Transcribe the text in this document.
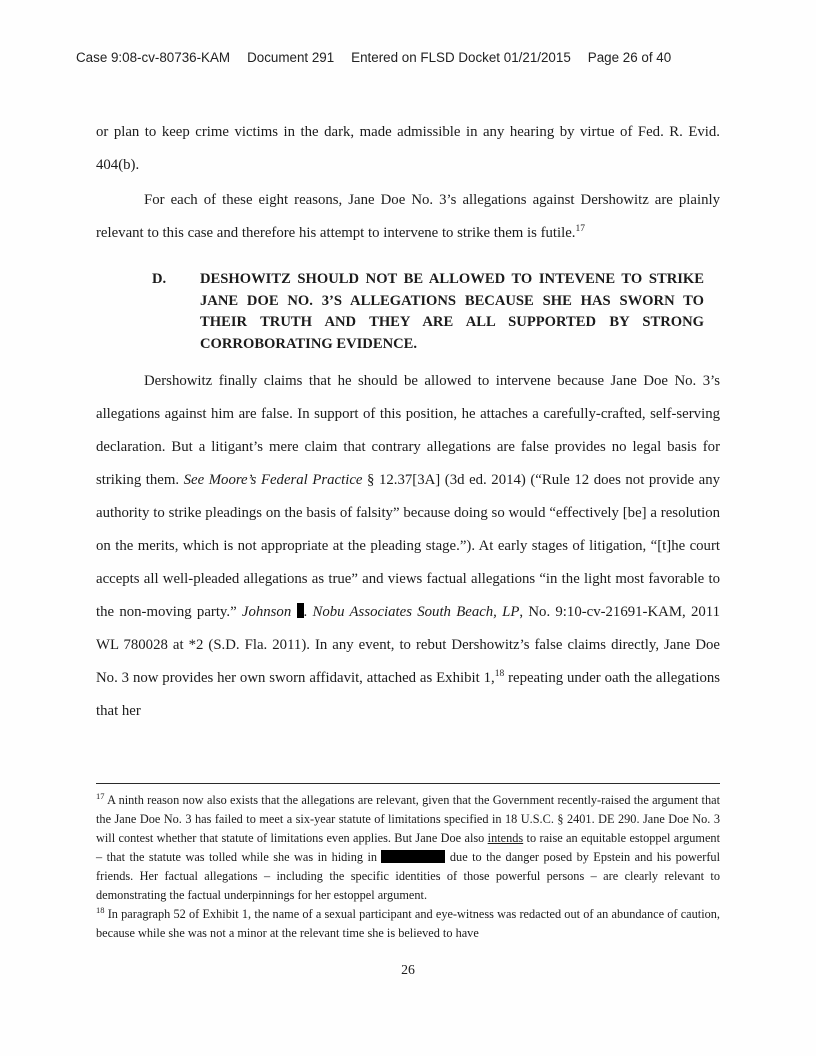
Case 9:08-cv-80736-KAM Document 291 Entered on FLSD Docket 01/21/2015 Page 26 of 40

or plan to keep crime victims in the dark, made admissible in any hearing by virtue of Fed. R. Evid. 404(b).

For each of these eight reasons, Jane Doe No. 3’s allegations against Dershowitz are plainly relevant to this case and therefore his attempt to intervene to strike them is futile.$^{17}$

D.	DESHOWITZ SHOULD NOT BE ALLOWED TO INTEVENE TO STRIKE JANE DOE NO. 3’S ALLEGATIONS BECAUSE SHE HAS SWORN TO THEIR TRUTH AND THEY ARE ALL SUPPORTED BY STRONG CORROBORATING EVIDENCE.

Dershowitz finally claims that he should be allowed to intervene because Jane Doe No. 3’s allegations against him are false. In support of this position, he attaches a carefully-crafted, self-serving declaration. But a litigant’s mere claim that contrary allegations are false provides no legal basis for striking them. See Moore’s Federal Practice § 12.37[3A] (3d ed. 2014) (“Rule 12 does not provide any authority to strike pleadings on the basis of falsity” because doing so would “effectively [be] a resolution on the merits, which is not appropriate at the pleading stage.”). At early stages of litigation, “[t]he court accepts all well-pleaded allegations as true” and views factual allegations “in the light most favorable to the non-moving party.” Johnson . Nobu Associates South Beach, LP, No. 9:10-cv-21691-KAM, 2011 WL 780028 at *2 (S.D. Fla. 2011). In any event, to rebut Dershowitz’s false claims directly, Jane Doe No. 3 now provides her own sworn affidavit, attached as Exhibit 1,18 repeating under oath the allegations that her

$^{17}$ A ninth reason now also exists that the allegations are relevant, given that the Government recently-raised the argument that the Jane Doe No. 3 has failed to meet a six-year statute of limitations specified in 18 U.S.C. § 2401. DE 290. Jane Doe No. 3 will contest whether that statute of limitations even applies. But Jane Doe also intends to raise an equitable estoppel argument – that the statute was tolled while she was in hiding in	due to the danger posed by Epstein and his powerful friends. Her factual allegations – including the specific identities of those powerful persons – are clearly relevant to demonstrating the factual underpinnings for her estoppel argument.

$^{18}$ In paragraph 52 of Exhibit 1, the name of a sexual participant and eye-witness was redacted out of an abundance of caution, because while she was not a minor at the relevant time she is believed to have

26
